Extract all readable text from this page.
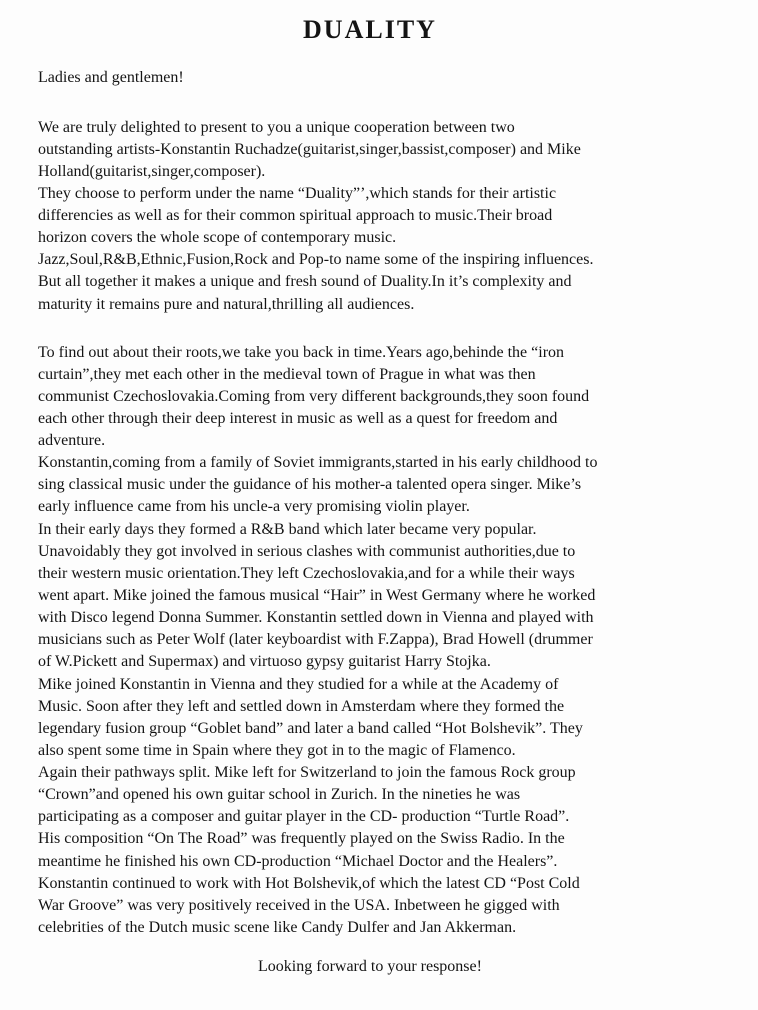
DUALITY
Ladies and gentlemen!
We are truly delighted to present to you a unique cooperation between two
outstanding artists-Konstantin Ruchadze(guitarist,singer,bassist,composer) and Mike
Holland(guitarist,singer,composer).
They choose to perform under the name “Duality”’,which stands for their artistic
differencies as well as for their common spiritual approach to music.Their broad
horizon covers the whole scope of contemporary music.
Jazz,Soul,R&B,Ethnic,Fusion,Rock and Pop-to name some of the inspiring influences.
But all together it makes a unique and fresh sound of Duality.In it’s complexity and
maturity it remains pure and natural,thrilling all audiences.
To find out about their roots,we take you back in time.Years ago,behinde the “iron
curtain”,they met each other in the medieval town of Prague in what was then
communist Czechoslovakia.Coming from very different backgrounds,they soon found
each other through their deep interest in music as well as a quest for freedom and
adventure.
Konstantin,coming from a family of Soviet immigrants,started in his early childhood to
sing classical music under the guidance of his mother-a talented opera singer. Mike’s
early influence came from his uncle-a very promising violin player.
In their early days they formed a R&B band which later became very popular.
Unavoidably they got involved in serious clashes with communist authorities,due to
their western music orientation.They left Czechoslovakia,and for a while their ways
went apart. Mike joined the famous musical “Hair” in West Germany where he worked
with Disco legend Donna Summer. Konstantin settled down in Vienna and played with
musicians such as Peter Wolf (later keyboardist with F.Zappa), Brad Howell (drummer
of W.Pickett and Supermax) and virtuoso gypsy guitarist Harry Stojka.
Mike joined Konstantin in Vienna and they studied for a while at the Academy of
Music. Soon after they left and settled down in Amsterdam where they formed the
legendary fusion group “Goblet band” and later a band called “Hot Bolshevik”. They
also spent some time in Spain where they got in to the magic of Flamenco.
Again their pathways split. Mike left for Switzerland to join the famous Rock group
“Crown”and opened his own guitar school in Zurich. In the nineties he was
participating as a composer and guitar player in the CD- production “Turtle Road”.
His composition “On The Road” was frequently played on the Swiss Radio. In the
meantime he finished his own CD-production “Michael Doctor and the Healers”.
Konstantin continued to work with Hot Bolshevik,of which the latest CD “Post Cold
War Groove” was very positively received in the USA. Inbetween he gigged with
celebrities of the Dutch music scene like Candy Dulfer and Jan Akkerman.
Looking forward to your response!
